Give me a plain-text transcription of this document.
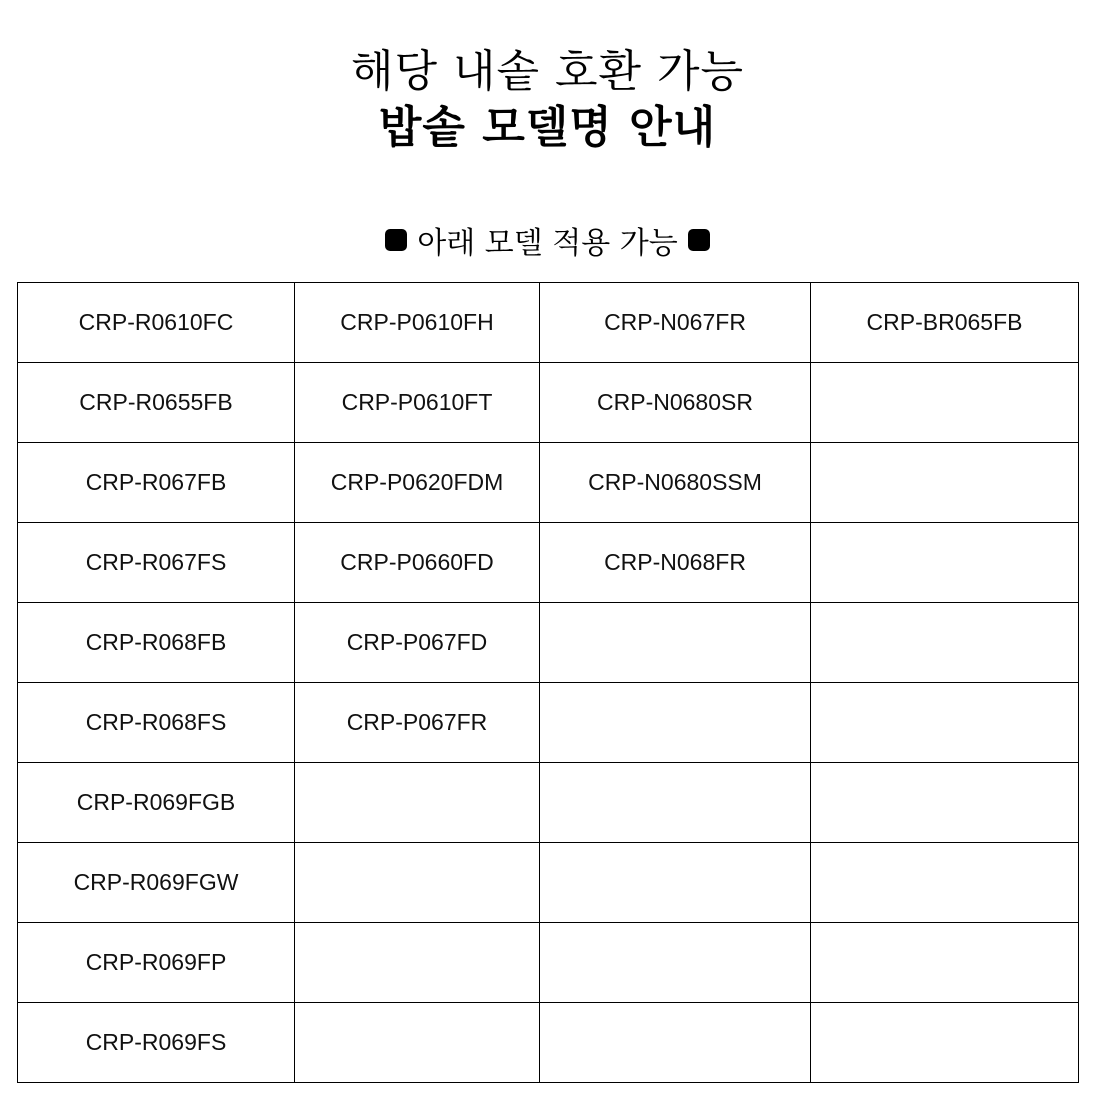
해당 내솥 호환 가능
밥솥 모델명 안내
아래 모델 적용 가능
CRP-R0610FC	CRP-P0610FH	CRP-N067FR	CRP-BR065FB
CRP-R0655FB	CRP-P0610FT	CRP-N0680SR	
CRP-R067FB	CRP-P0620FDM	CRP-N0680SSM	
CRP-R067FS	CRP-P0660FD	CRP-N068FR	
CRP-R068FB	CRP-P067FD		
CRP-R068FS	CRP-P067FR		
CRP-R069FGB			
CRP-R069FGW			
CRP-R069FP			
CRP-R069FS			
